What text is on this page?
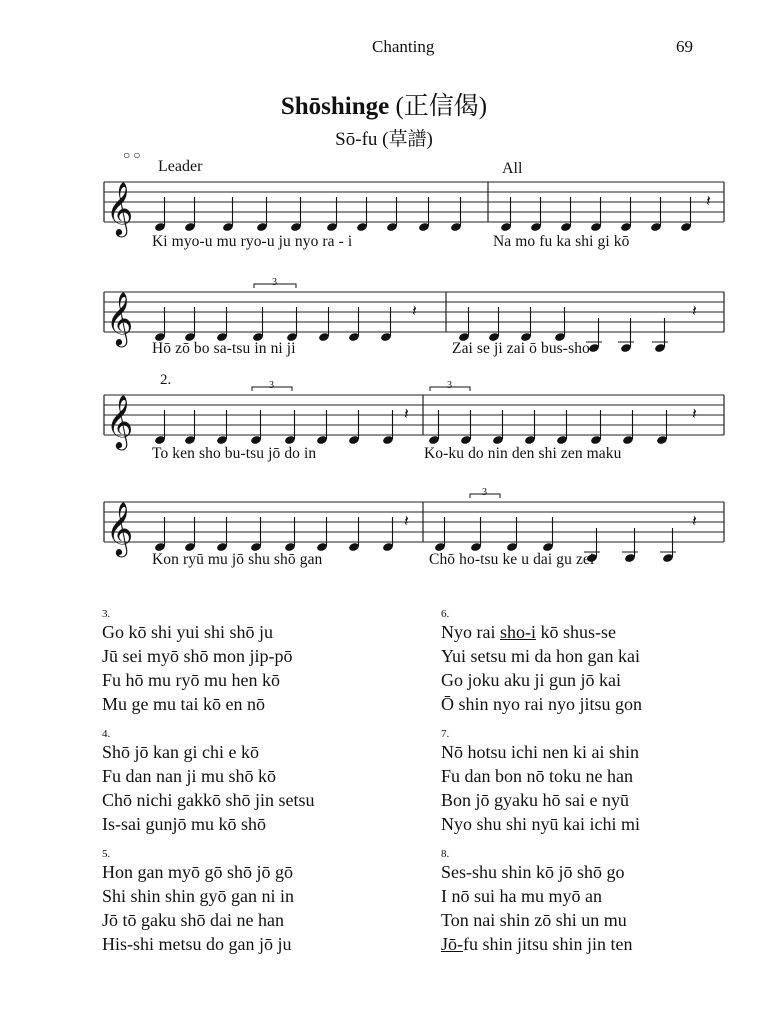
Chanting	69
Shōshinge (正信偈)
Sō-fu (草譜)
○ ○
Leader	All
2.
𝄞	𝄽
𝄞	𝄽	𝄽
3
𝄞	𝄽	𝄽
3	3
𝄞	𝄽	𝄽
3
Ki myo-u mu ryo-u ju nyo ra - i	Na mo fu ka shi gi kō
Hō zō bo sa-tsu in ni ji	Zai se ji zai ō bus-sho
To ken sho bu-tsu jō do in	Ko-ku do nin den shi zen maku
Kon ryū mu jō shu shō gan	Chō ho-tsu ke u dai gu zei
3.
Go kō shi yui shi shō ju
Jū sei myō shō mon jip-pō
Fu hō mu ryō mu hen kō
Mu ge mu tai kō en nō
4.
Shō jō kan gi chi e kō
Fu dan nan ji mu shō kō
Chō nichi gakkō shō jin setsu
Is-sai gunjō mu kō shō
5.
Hon gan myō gō shō jō gō
Shi shin shin gyō gan ni in
Jō tō gaku shō dai ne han
His-shi metsu do gan jō ju
6.
Nyo rai sho-i kō shus-se
Yui setsu mi da hon gan kai
Go joku aku ji gun jō kai
Ō shin nyo rai nyo jitsu gon
7.
Nō hotsu ichi nen ki ai shin
Fu dan bon nō toku ne han
Bon jō gyaku hō sai e nyū
Nyo shu shi nyū kai ichi mi
8.
Ses-shu shin kō jō shō go
I nō sui ha mu myō an
Ton nai shin zō shi un mu
Jō-fu shin jitsu shin jin ten
